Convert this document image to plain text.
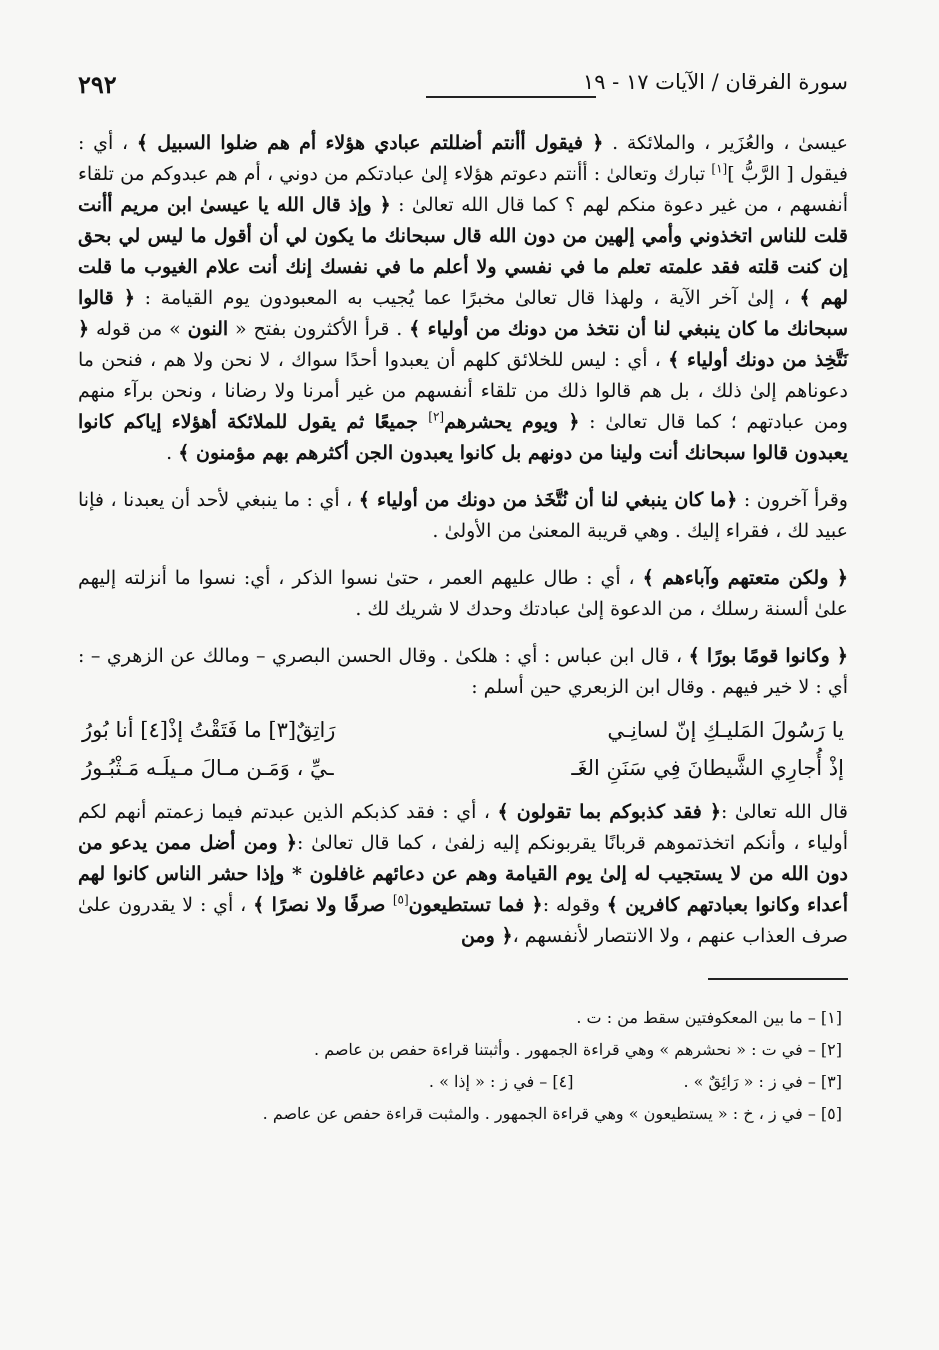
٢٩٢	سورة الفرقان / الآيات ١٧ - ١٩

عيسىٰ ، والعُزَير ، والملائكة . ﴿ فيقول أأنتم أضللتم عبادي هؤلاء أم هم ضلوا السبيل ﴾ ، أي : فيقول [ الرَّبُّ ][١] تبارك وتعالىٰ : أأنتم دعوتم هؤلاء إلىٰ عبادتكم من دوني ، أم هم عبدوكم من تلقاء أنفسهم ، من غير دعوة منكم لهم ؟ كما قال الله تعالىٰ : ﴿ وإذ قال الله يا عيسىٰ ابن مريم أأنت قلت للناس اتخذوني وأمي إلهين من دون الله قال سبحانك ما يكون لي أن أقول ما ليس لي بحق إن كنت قلته فقد علمته تعلم ما في نفسي ولا أعلم ما في نفسك إنك أنت علام الغيوب ما قلت لهم ﴾ ، إلىٰ آخر الآية ، ولهذا قال تعالىٰ مخبرًا عما يُجيب به المعبودون يوم القيامة : ﴿ قالوا سبحانك ما كان ينبغي لنا أن نتخذ من دونك من أولياء ﴾ . قرأ الأكثرون بفتح « النون » من قوله ﴿ نَتَّخِذ من دونك أولياء ﴾ ، أي : ليس للخلائق كلهم أن يعبدوا أحدًا سواك ، لا نحن ولا هم ، فنحن ما دعوناهم إلىٰ ذلك ، بل هم قالوا ذلك من تلقاء أنفسهم من غير أمرنا ولا رضانا ، ونحن برآء منهم ومن عبادتهم ؛ كما قال تعالىٰ : ﴿ ويوم يحشرهم[٢] جميعًا ثم يقول للملائكة أهؤلاء إياكم كانوا يعبدون قالوا سبحانك أنت ولينا من دونهم بل كانوا يعبدون الجن أكثرهم بهم مؤمنون ﴾ .

وقرأ آخرون : ﴿ما كان ينبغي لنا أن نُتَّخَذ من دونك من أولياء ﴾ ، أي : ما ينبغي لأحد أن يعبدنا ، فإنا عبيد لك ، فقراء إليك . وهي قريبة المعنىٰ من الأولىٰ .

﴿ ولكن متعتهم وآباءهم ﴾ ، أي : طال عليهم العمر ، حتىٰ نسوا الذكر ، أي: نسوا ما أنزلته إليهم علىٰ ألسنة رسلك ، من الدعوة إلىٰ عبادتك وحدك لا شريك لك .

﴿ وكانوا قومًا بورًا ﴾ ، قال ابن عباس : أي : هلكىٰ . وقال الحسن البصري – ومالك عن الزهري – : أي : لا خير فيهم . وقال ابن الزبعري حين أسلم :

يا رَسُولَ المَليـكِ إنّ لسانِـي
رَاتِقٌ[٣] ما فَتَقْتُ إذْ[٤] أنا بُورُ
إذْ أُجارِي الشَّيطانَ فِي سَنَنِ الغَـ
ـيِّ ، وَمَـن مـالَ مـيلَـه مَـثْبُـورُ

قال الله تعالىٰ :﴿ فقد كذبوكم بما تقولون ﴾ ، أي : فقد كذبكم الذين عبدتم فيما زعمتم أنهم لكم أولياء ، وأنكم اتخذتموهم قربانًا يقربونكم إليه زلفىٰ ، كما قال تعالىٰ :﴿ ومن أضل ممن يدعو من دون الله من لا يستجيب له إلىٰ يوم القيامة وهم عن دعائهم غافلون * وإذا حشر الناس كانوا لهم أعداء وكانوا بعبادتهم كافرين ﴾ وقوله :﴿ فما تستطيعون[٥] صرفًا ولا نصرًا ﴾ ، أي : لا يقدرون علىٰ صرف العذاب عنهم ، ولا الانتصار لأنفسهم ،﴿ ومن

[١] – ما بين المعكوفتين سقط من : ت .
[٢] – في ت : « نحشرهم » وهي قراءة الجمهور . وأثبتنا قراءة حفص بن عاصم .
[٣] – في ز : « رَائِقٌ » .
[٤] – في ز : « إذا » .
[٥] – في ز ، خ : « يستطيعون » وهي قراءة الجمهور . والمثبت قراءة حفص عن عاصم .
